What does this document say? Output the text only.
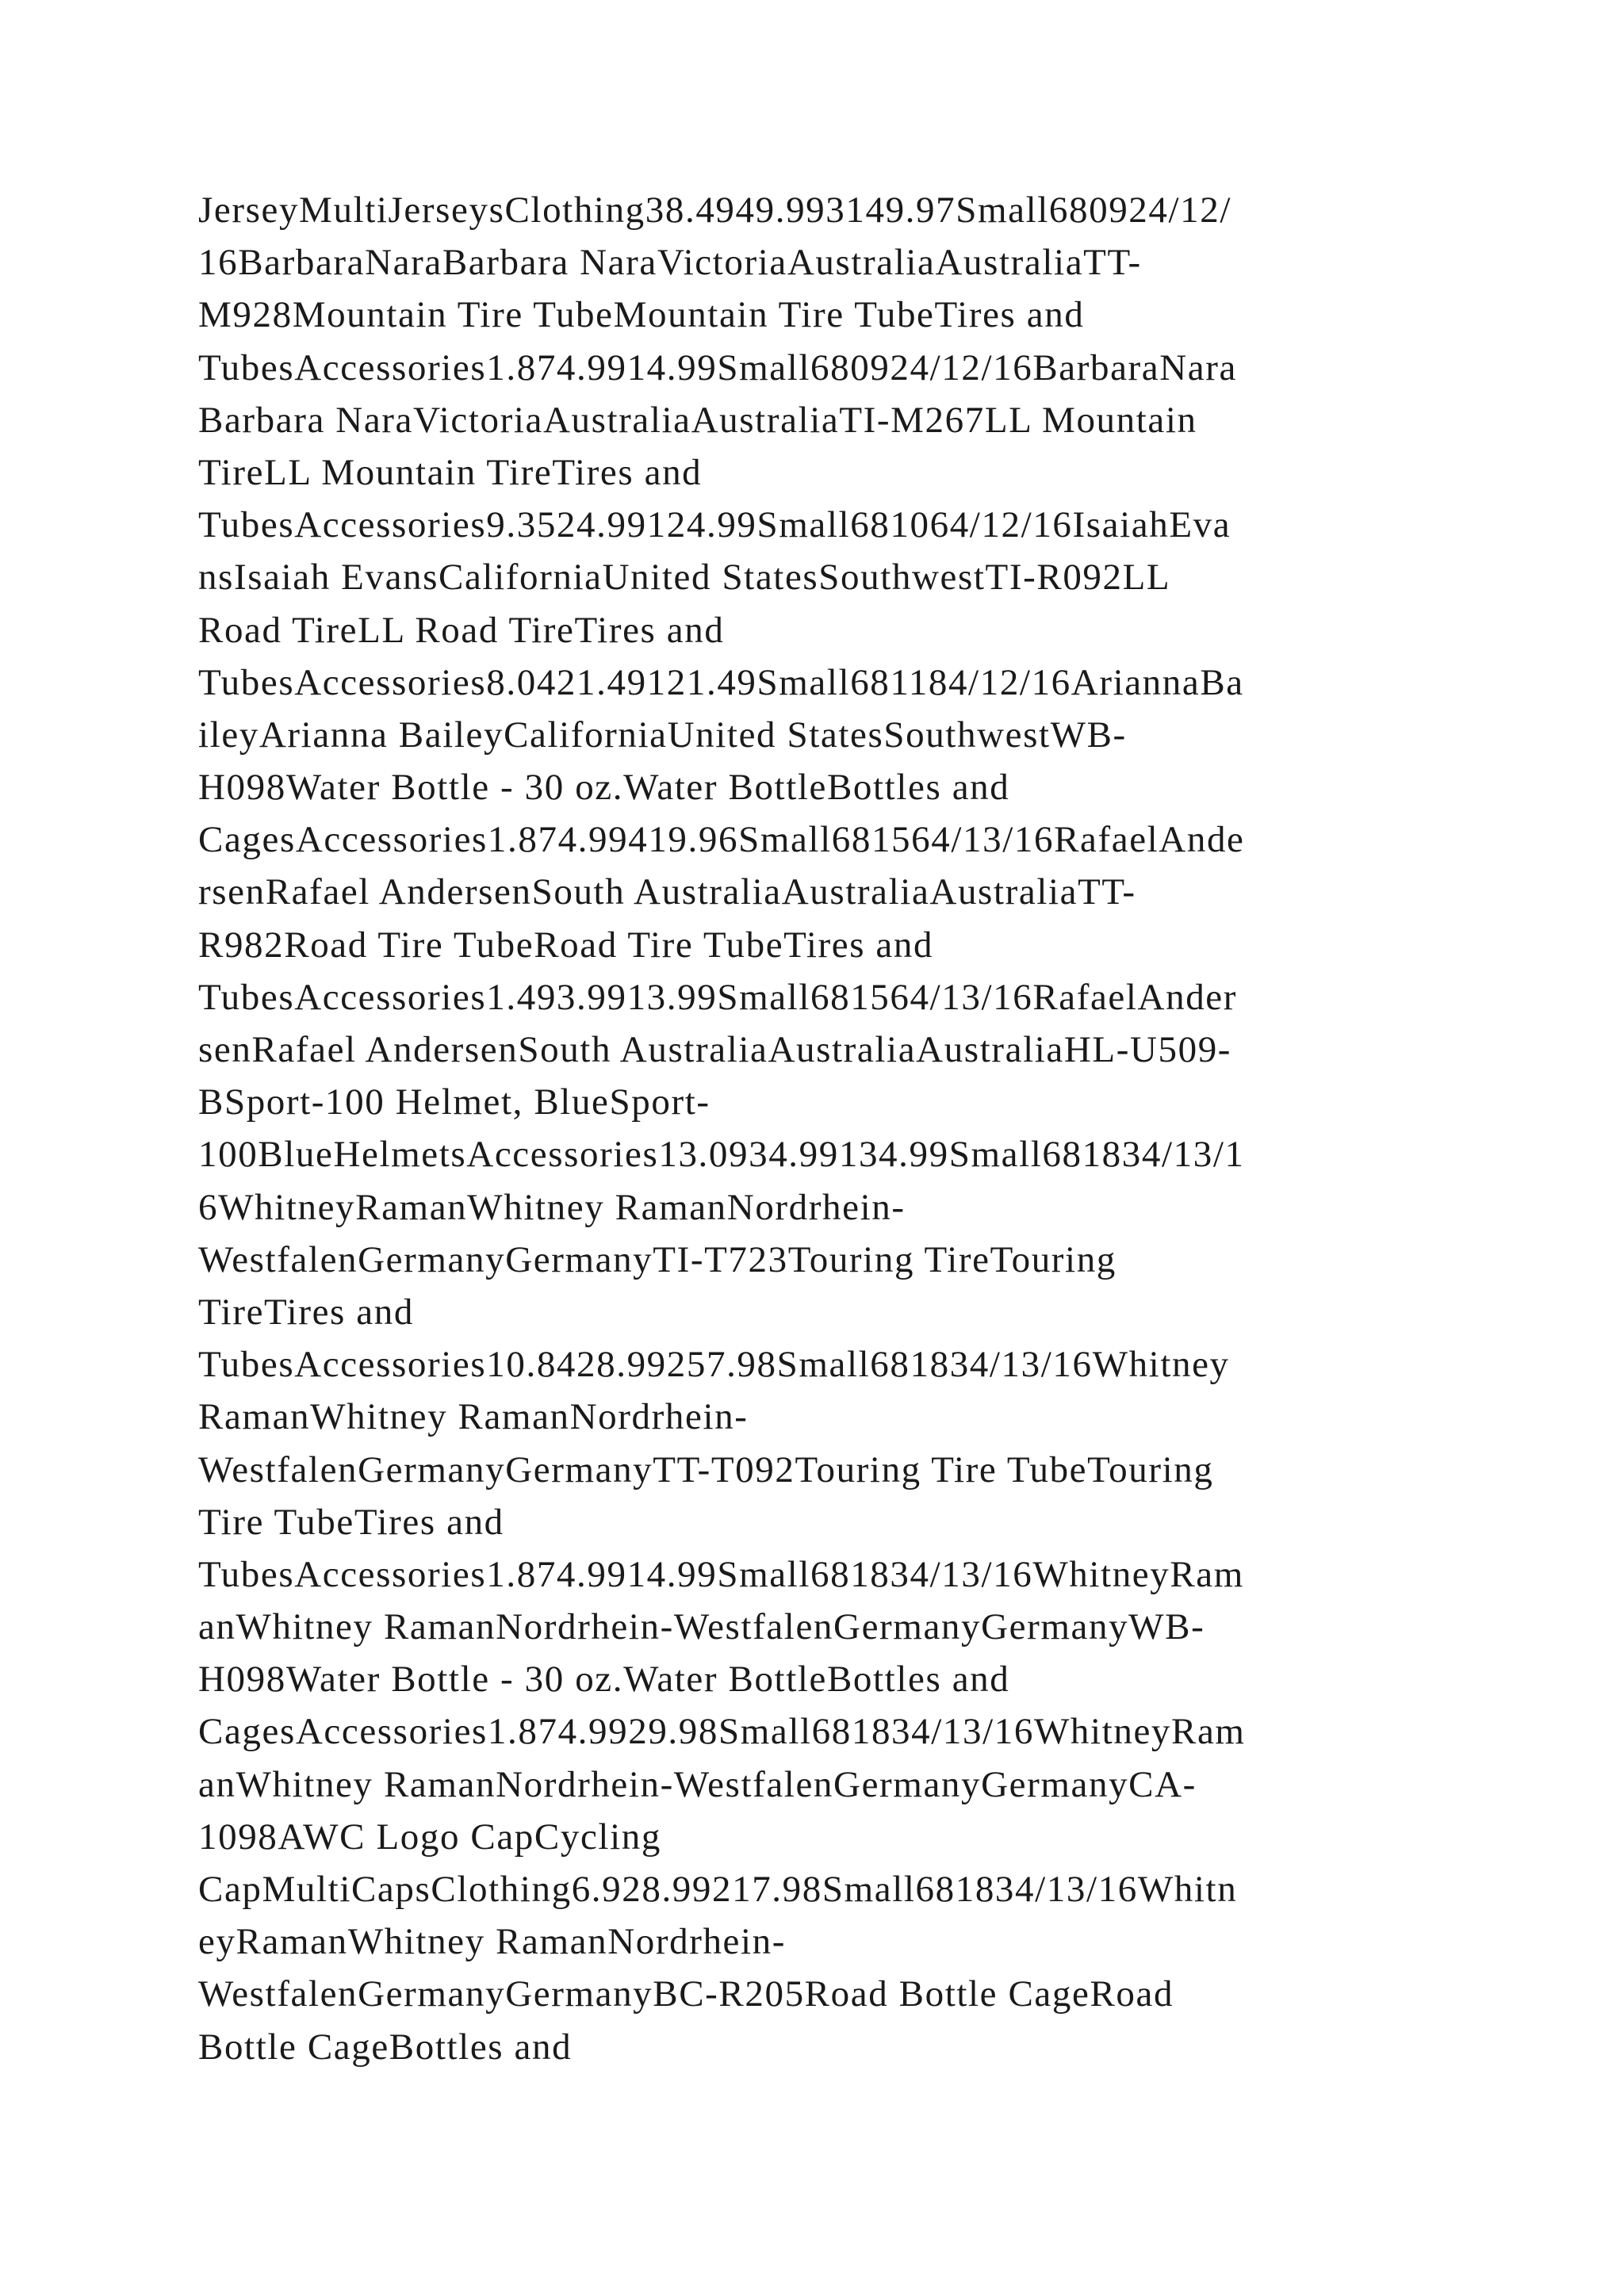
JerseyMultiJerseysClothing38.4949.993149.97Small680924/12/
16BarbaraNaraBarbara NaraVictoriaAustraliaAustraliaTT-
M928Mountain Tire TubeMountain Tire TubeTires and
TubesAccessories1.874.9914.99Small680924/12/16BarbaraNara
Barbara NaraVictoriaAustraliaAustraliaTI-M267LL Mountain
TireLL Mountain TireTires and
TubesAccessories9.3524.99124.99Small681064/12/16IsaiahEva
nsIsaiah EvansCaliforniaUnited StatesSouthwestTI-R092LL
Road TireLL Road TireTires and
TubesAccessories8.0421.49121.49Small681184/12/16AriannaBa
ileyArianna BaileyCaliforniaUnited StatesSouthwestWB-
H098Water Bottle - 30 oz.Water BottleBottles and
CagesAccessories1.874.99419.96Small681564/13/16RafaelAnde
rsenRafael AndersenSouth AustraliaAustraliaAustraliaTT-
R982Road Tire TubeRoad Tire TubeTires and
TubesAccessories1.493.9913.99Small681564/13/16RafaelAnder
senRafael AndersenSouth AustraliaAustraliaAustraliaHL-U509-
BSport-100 Helmet, BlueSport-
100BlueHelmetsAccessories13.0934.99134.99Small681834/13/1
6WhitneyRamanWhitney RamanNordrhein-
WestfalenGermanyGermanyTI-T723Touring TireTouring
TireTires and
TubesAccessories10.8428.99257.98Small681834/13/16Whitney
RamanWhitney RamanNordrhein-
WestfalenGermanyGermanyTT-T092Touring Tire TubeTouring
Tire TubeTires and
TubesAccessories1.874.9914.99Small681834/13/16WhitneyRam
anWhitney RamanNordrhein-WestfalenGermanyGermanyWB-
H098Water Bottle - 30 oz.Water BottleBottles and
CagesAccessories1.874.9929.98Small681834/13/16WhitneyRam
anWhitney RamanNordrhein-WestfalenGermanyGermanyCA-
1098AWC Logo CapCycling
CapMultiCapsClothing6.928.99217.98Small681834/13/16Whitn
eyRamanWhitney RamanNordrhein-
WestfalenGermanyGermanyBC-R205Road Bottle CageRoad
Bottle CageBottles and
